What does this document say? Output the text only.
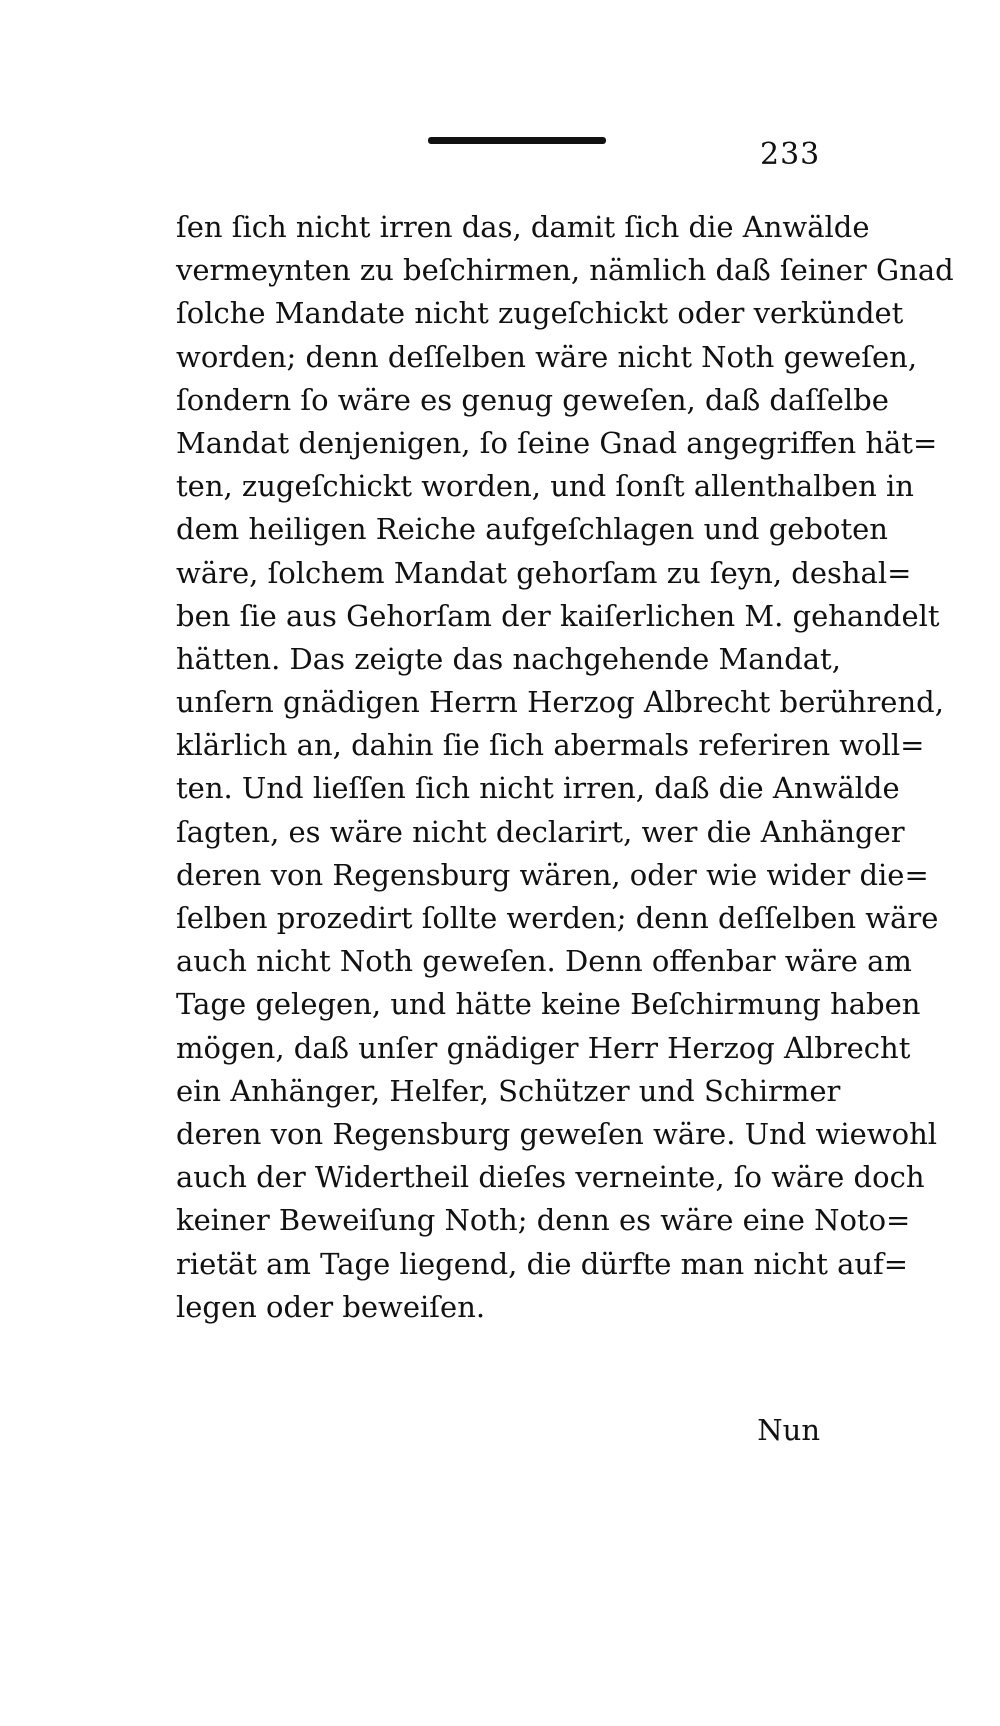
233
ſen ſich nicht irren das, damit ſich die Anwälde
vermeynten zu beſchirmen, nämlich daß ſeiner Gnad
ſolche Mandate nicht zugeſchickt oder verkündet
worden; denn deſſelben wäre nicht Noth geweſen,
ſondern ſo wäre es genug geweſen, daß daſſelbe
Mandat denjenigen, ſo ſeine Gnad angegriffen hät=
ten, zugeſchickt worden, und ſonſt allenthalben in
dem heiligen Reiche aufgeſchlagen und geboten
wäre, ſolchem Mandat gehorſam zu ſeyn, deshal=
ben ſie aus Gehorſam der kaiſerlichen M. gehandelt
hätten. Das zeigte das nachgehende Mandat,
unſern gnädigen Herrn Herzog Albrecht berührend,
klärlich an, dahin ſie ſich abermals referiren woll=
ten. Und lieſſen ſich nicht irren, daß die Anwälde
ſagten, es wäre nicht declarirt, wer die Anhänger
deren von Regensburg wären, oder wie wider die=
ſelben prozedirt ſollte werden; denn deſſelben wäre
auch nicht Noth geweſen. Denn offenbar wäre am
Tage gelegen, und hätte keine Beſchirmung haben
mögen, daß unſer gnädiger Herr Herzog Albrecht
ein Anhänger, Helfer, Schützer und Schirmer
deren von Regensburg geweſen wäre. Und wiewohl
auch der Widertheil dieſes verneinte, ſo wäre doch
keiner Beweiſung Noth; denn es wäre eine Noto=
rietät am Tage liegend, die dürfte man nicht auf=
legen oder beweiſen.
Nun
